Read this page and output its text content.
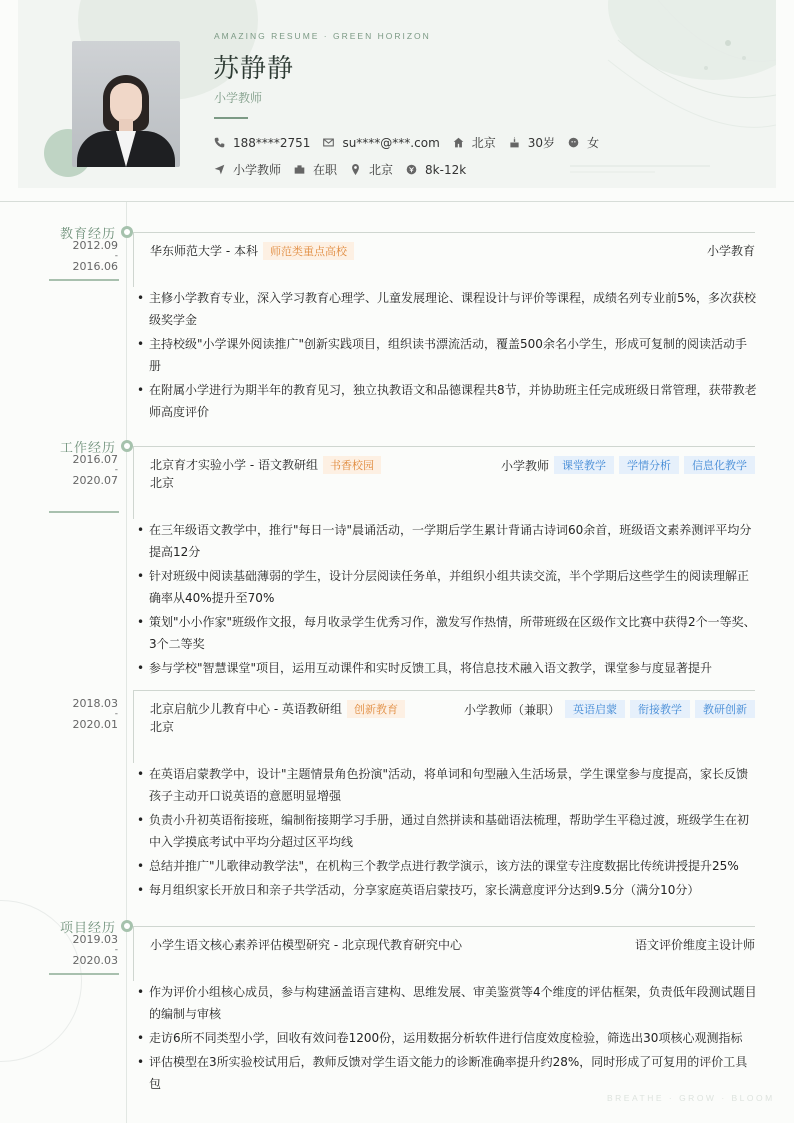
AMAZING RESUME · GREEN HORIZON
苏静静
小学教师
188****2751	su****@***.com	北京	30岁	女
小学教师	在职	北京	8k-12k
教育经历
2012.09
-
2016.06
华东师范大学 - 本科 师范类重点高校	小学教育
• 主修小学教育专业，深入学习教育心理学、儿童发展理论、课程设计与评价等课程，成绩名列专业前5%，多次获校级奖学金
• 主持校级"小学课外阅读推广"创新实践项目，组织读书漂流活动，覆盖500余名小学生，形成可复制的阅读活动手册
• 在附属小学进行为期半年的教育见习，独立执教语文和品德课程共8节，并协助班主任完成班级日常管理，获带教老师高度评价
工作经历
2016.07
-
2020.07
北京育才实验小学 - 语文教研组 书香校园
北京
小学教师	课堂教学	学情分析	信息化教学
• 在三年级语文教学中，推行"每日一诗"晨诵活动，一学期后学生累计背诵古诗词60余首，班级语文素养测评平均分提高12分
• 针对班级中阅读基础薄弱的学生，设计分层阅读任务单，并组织小组共读交流，半个学期后这些学生的阅读理解正确率从40%提升至70%
• 策划"小小作家"班级作文报，每月收录学生优秀习作，激发写作热情，所带班级在区级作文比赛中获得2个一等奖、3个二等奖
• 参与学校"智慧课堂"项目，运用互动课件和实时反馈工具，将信息技术融入语文教学，课堂参与度显著提升
2018.03
-
2020.01
北京启航少儿教育中心 - 英语教研组 创新教育
北京
小学教师（兼职）	英语启蒙	衔接教学	教研创新
• 在英语启蒙教学中，设计"主题情景角色扮演"活动，将单词和句型融入生活场景，学生课堂参与度提高，家长反馈孩子主动开口说英语的意愿明显增强
• 负责小升初英语衔接班，编制衔接期学习手册，通过自然拼读和基础语法梳理，帮助学生平稳过渡，班级学生在初中入学摸底考试中平均分超过区平均线
• 总结并推广"儿歌律动教学法"，在机构三个教学点进行教学演示，该方法的课堂专注度数据比传统讲授提升25%
• 每月组织家长开放日和亲子共学活动，分享家庭英语启蒙技巧，家长满意度评分达到9.5分（满分10分）
项目经历
2019.03
-
2020.03
小学生语文核心素养评估模型研究 - 北京现代教育研究中心	语文评价维度主设计师
• 作为评价小组核心成员，参与构建涵盖语言建构、思维发展、审美鉴赏等4个维度的评估框架，负责低年段测试题目的编制与审核
• 走访6所不同类型小学，回收有效问卷1200份，运用数据分析软件进行信度效度检验，筛选出30项核心观测指标
• 评估模型在3所实验校试用后，教师反馈对学生语文能力的诊断准确率提升约28%，同时形成了可复用的评价工具包
BREATHE · GROW · BLOOM
